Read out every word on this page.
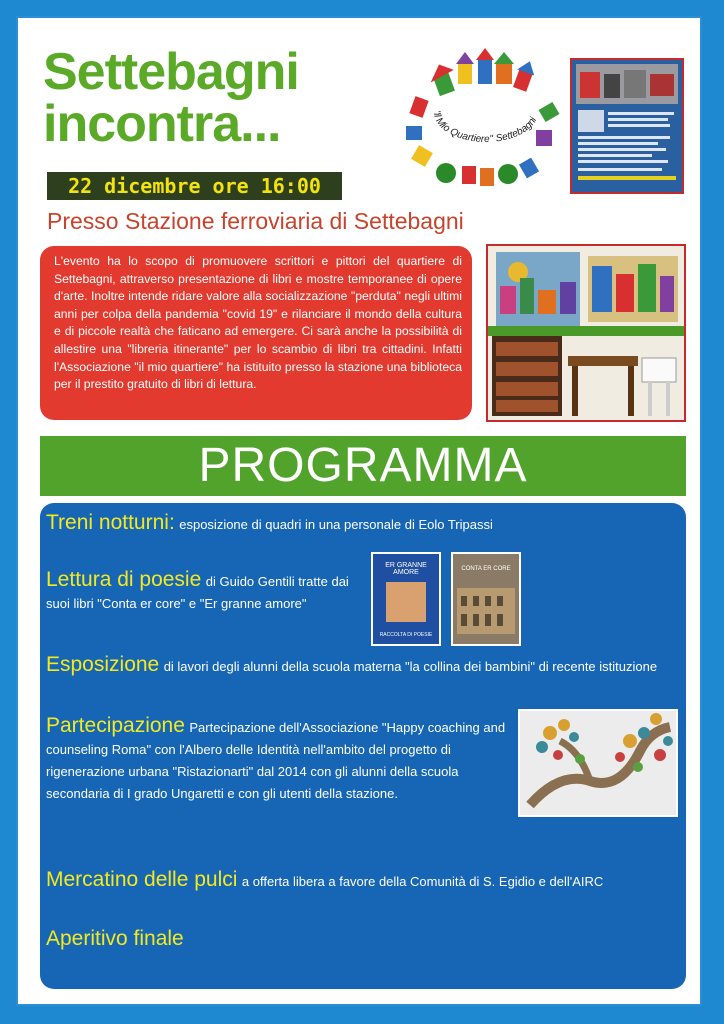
Settebagni
incontra...
22 dicembre ore 16:00
Presso Stazione ferroviaria di Settebagni
"il Mio Quartiere" Settebagni

L'evento ha lo scopo di promuovere scrittori e pittori del quartiere di Settebagni, attraverso presentazione di libri e mostre temporanee di opere d'arte. Inoltre intende ridare valore alla socializzazione "perduta" negli ultimi anni per colpa della pandemia "covid 19" e rilanciare il mondo della cultura e di piccole realtà che faticano ad emergere. Ci sarà anche la possibilità di allestire una "libreria itinerante" per lo scambio di libri tra cittadini. Infatti l'Associazione "il mio quartiere" ha istituito presso la stazione una biblioteca per il prestito gratuito di libri di lettura.

PROGRAMMA
Treni notturni: esposizione di quadri in una personale di Eolo Tripassi
Lettura di poesie di Guido Gentili tratte dai suoi libri "Conta er core" e "Er granne amore"
ER GRANNE AMORE
RACCOLTA DI POESIE
CONTA ER CORE
Esposizione di lavori degli alunni della scuola materna "la collina dei bambini" di recente istituzione
Partecipazione Partecipazione dell'Associazione "Happy coaching and counseling Roma" con l'Albero delle Identità nell'ambito del progetto di rigenerazione urbana "Ristazionarti" dal 2014 con gli alunni della scuola secondaria di I grado Ungaretti e con gli utenti della stazione.
Mercatino delle pulci a offerta libera a favore della Comunità di S. Egidio e dell'AIRC
Aperitivo finale
